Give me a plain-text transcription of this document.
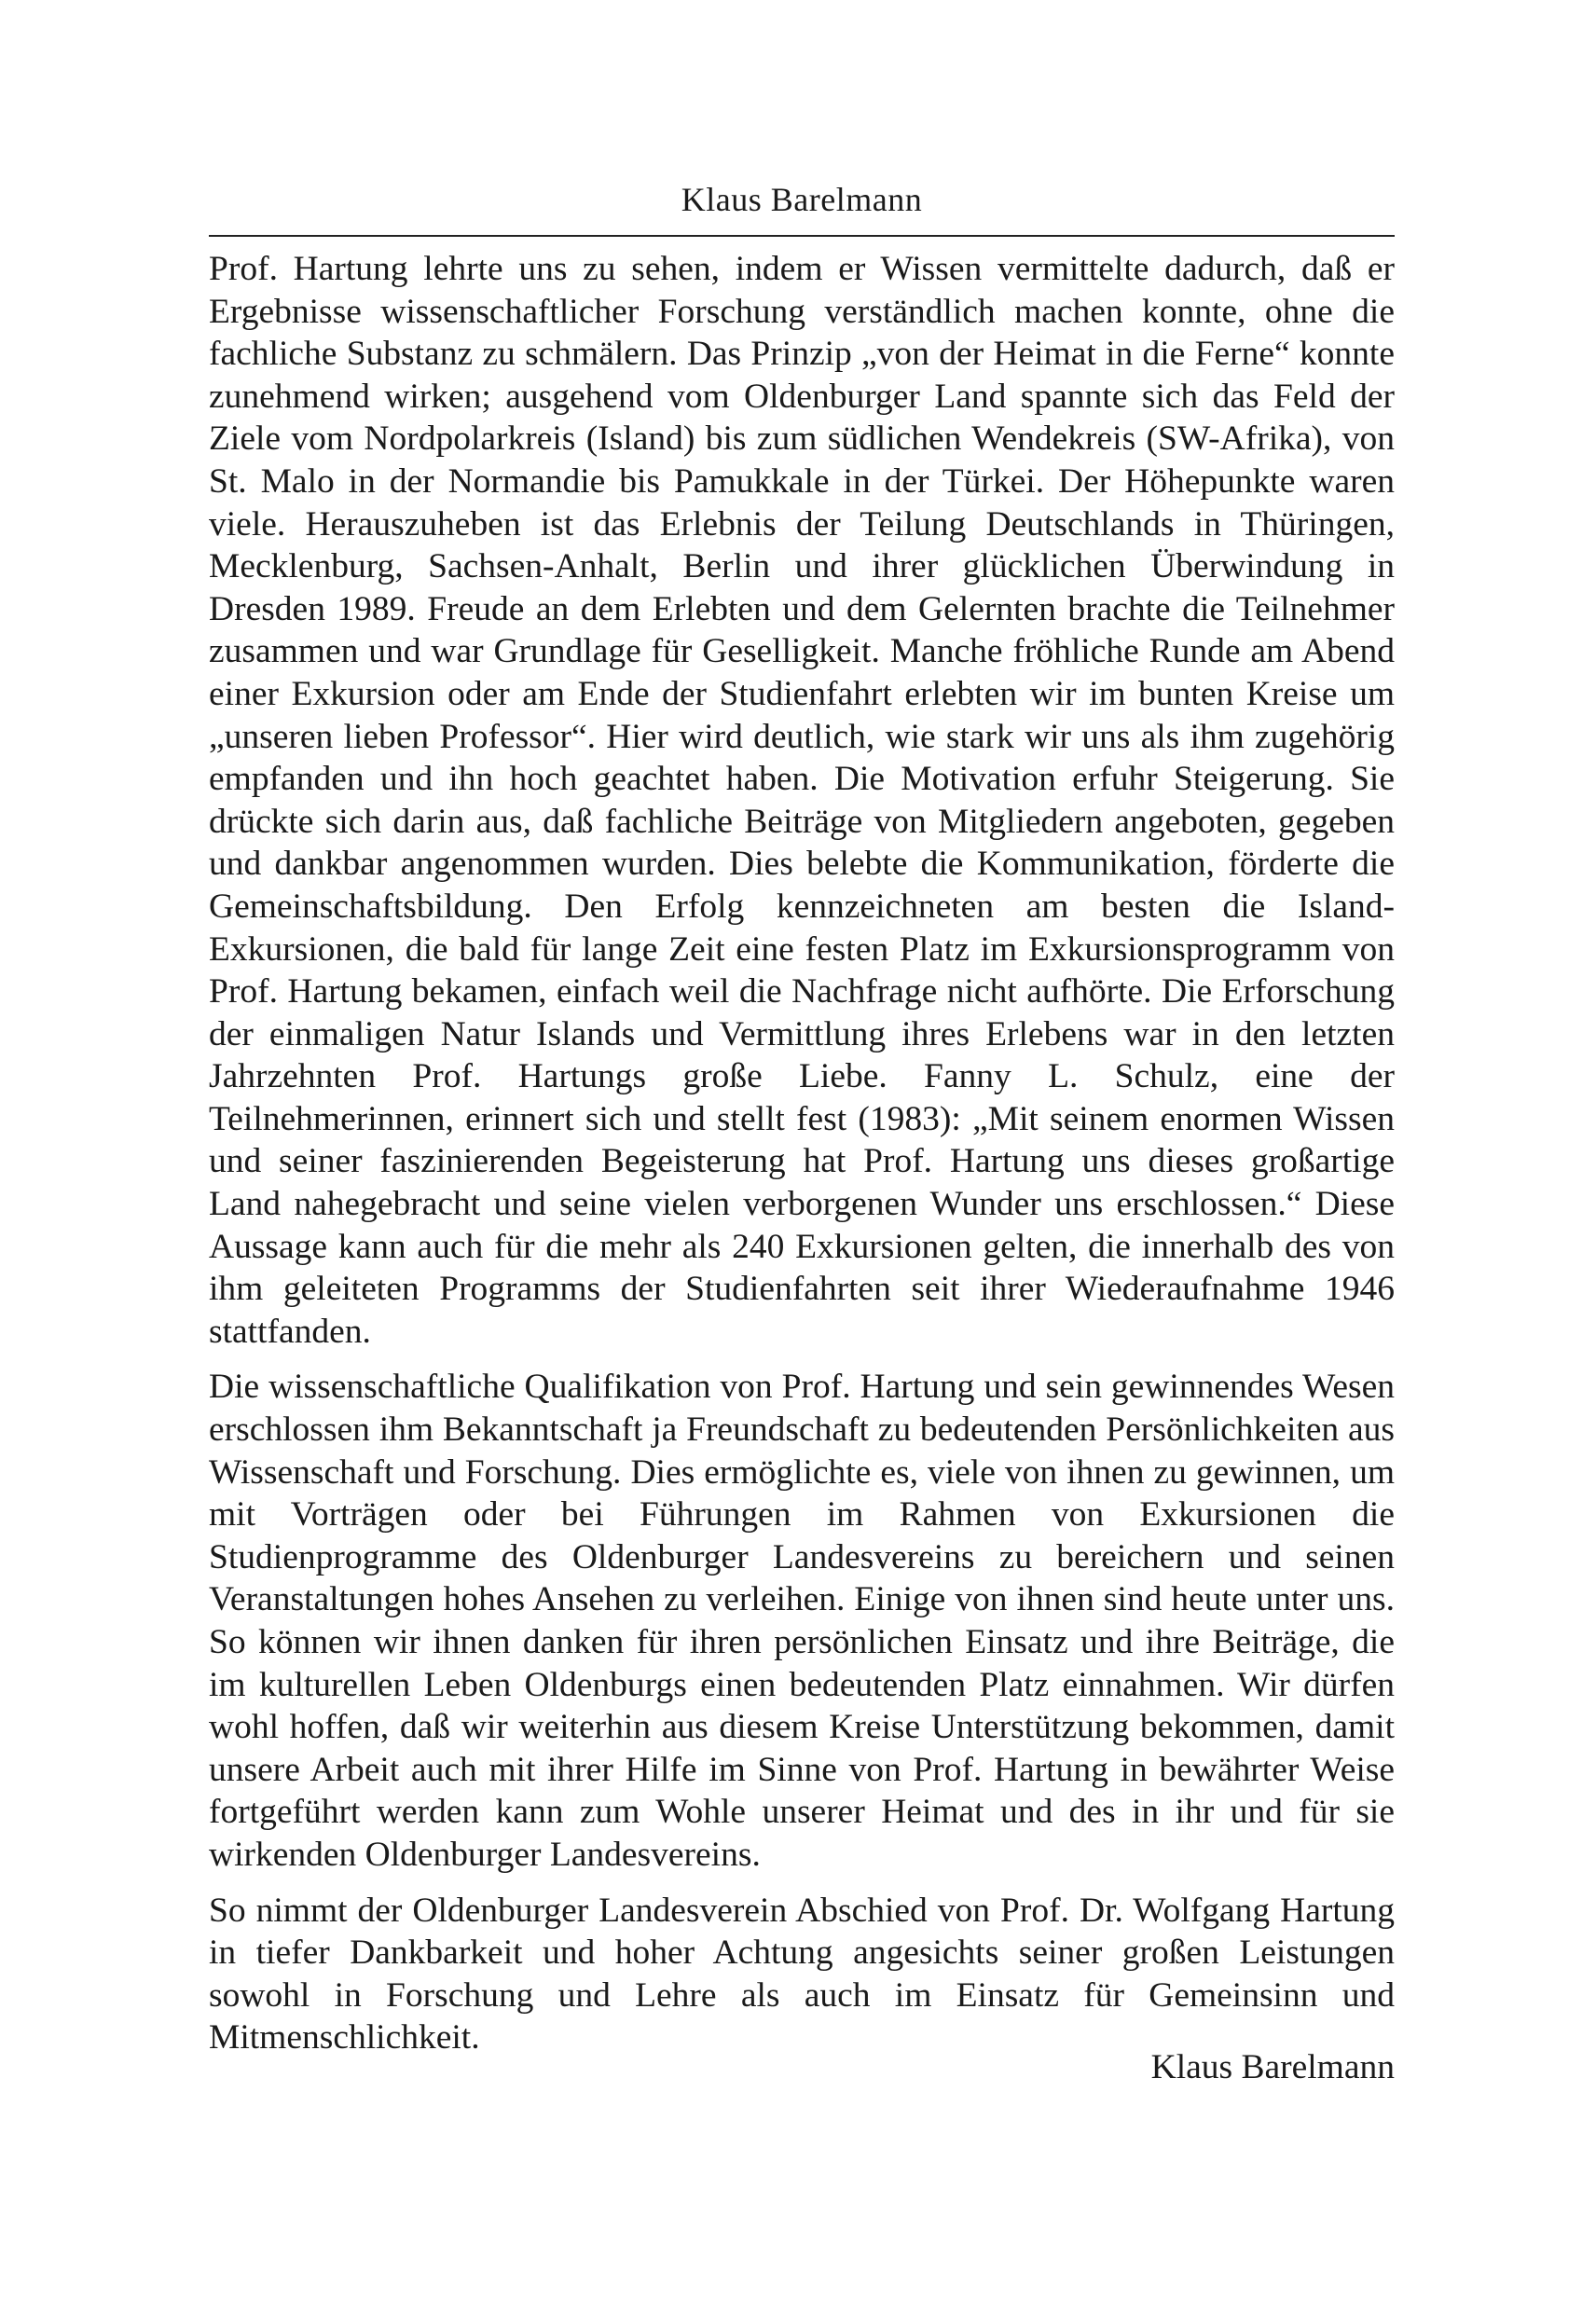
Klaus Barelmann

Prof. Hartung lehrte uns zu sehen, indem er Wissen vermittelte dadurch, daß er Ergebnisse wissenschaftlicher Forschung verständlich machen konnte, ohne die fachliche Substanz zu schmälern. Das Prinzip „von der Heimat in die Ferne“ konnte zunehmend wirken; ausgehend vom Oldenburger Land spannte sich das Feld der Ziele vom Nordpolarkreis (Island) bis zum südlichen Wendekreis (SW-Afrika), von St. Malo in der Normandie bis Pamukkale in der Türkei. Der Höhepunkte waren viele. Herauszuheben ist das Erlebnis der Teilung Deutschlands in Thüringen, Mecklenburg, Sachsen-Anhalt, Berlin und ihrer glücklichen Überwindung in Dresden 1989. Freude an dem Erlebten und dem Gelernten brachte die Teilnehmer zusammen und war Grundlage für Geselligkeit. Manche fröhliche Runde am Abend einer Exkursion oder am Ende der Studienfahrt erlebten wir im bunten Kreise um „unseren lieben Professor“. Hier wird deutlich, wie stark wir uns als ihm zugehörig empfanden und ihn hoch geachtet haben. Die Motivation erfuhr Steigerung. Sie drückte sich darin aus, daß fachliche Beiträge von Mitgliedern angeboten, gegeben und dankbar angenommen wurden. Dies belebte die Kommunikation, förderte die Gemeinschaftsbildung. Den Erfolg kennzeichneten am besten die Island-Exkursionen, die bald für lange Zeit eine festen Platz im Exkursionsprogramm von Prof. Hartung bekamen, einfach weil die Nachfrage nicht aufhörte. Die Erforschung der einmaligen Natur Islands und Vermittlung ihres Erlebens war in den letzten Jahrzehnten Prof. Hartungs große Liebe. Fanny L. Schulz, eine der Teilnehmerinnen, erinnert sich und stellt fest (1983): „Mit seinem enormen Wissen und seiner faszinierenden Begeisterung hat Prof. Hartung uns dieses großartige Land nahegebracht und seine vielen verborgenen Wunder uns erschlossen.“ Diese Aussage kann auch für die mehr als 240 Exkursionen gelten, die innerhalb des von ihm geleiteten Programms der Studienfahrten seit ihrer Wiederaufnahme 1946 stattfanden.

Die wissenschaftliche Qualifikation von Prof. Hartung und sein gewinnendes Wesen erschlossen ihm Bekanntschaft ja Freundschaft zu bedeutenden Persönlichkeiten aus Wissenschaft und Forschung. Dies ermöglichte es, viele von ihnen zu gewinnen, um mit Vorträgen oder bei Führungen im Rahmen von Exkursionen die Studienprogramme des Oldenburger Landesvereins zu bereichern und seinen Veranstaltungen hohes Ansehen zu verleihen. Einige von ihnen sind heute unter uns. So können wir ihnen danken für ihren persönlichen Einsatz und ihre Beiträge, die im kulturellen Leben Oldenburgs einen bedeutenden Platz einnahmen. Wir dürfen wohl hoffen, daß wir weiterhin aus diesem Kreise Unterstützung bekommen, damit unsere Arbeit auch mit ihrer Hilfe im Sinne von Prof. Hartung in bewährter Weise fortgeführt werden kann zum Wohle unserer Heimat und des in ihr und für sie wirkenden Oldenburger Landesvereins.

So nimmt der Oldenburger Landesverein Abschied von Prof. Dr. Wolfgang Hartung in tiefer Dankbarkeit und hoher Achtung angesichts seiner großen Leistungen sowohl in Forschung und Lehre als auch im Einsatz für Gemeinsinn und Mitmenschlichkeit.

Klaus Barelmann
